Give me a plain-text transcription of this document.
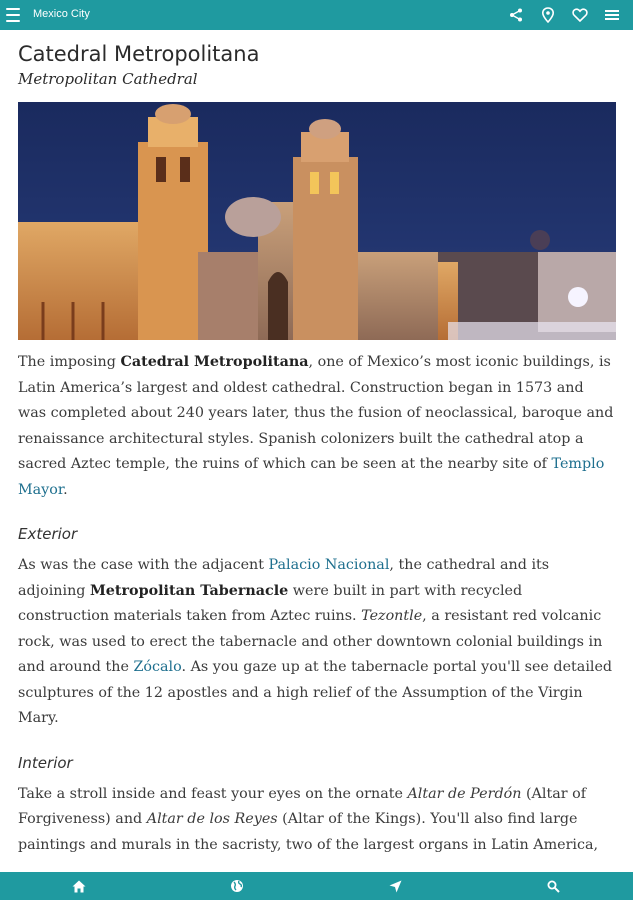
Mexico City
Catedral Metropolitana
Metropolitan Cathedral

The imposing Catedral Metropolitana, one of Mexico’s most iconic buildings, is Latin America’s largest and oldest cathedral. Construction began in 1573 and was completed about 240 years later, thus the fusion of neoclassical, baroque and renaissance architectural styles. Spanish colonizers built the cathedral atop a sacred Aztec temple, the ruins of which can be seen at the nearby site of Templo Mayor.

Exterior

As was the case with the adjacent Palacio Nacional, the cathedral and its adjoining Metropolitan Tabernacle were built in part with recycled construction materials taken from Aztec ruins. Tezontle, a resistant red volcanic rock, was used to erect the tabernacle and other downtown colonial buildings in and around the Zócalo. As you gaze up at the tabernacle portal you'll see detailed sculptures of the 12 apostles and a high relief of the Assumption of the Virgin Mary.

Interior

Take a stroll inside and feast your eyes on the ornate Altar de Perdón (Altar of Forgiveness) and Altar de los Reyes (Altar of the Kings). You'll also find large paintings and murals in the sacristy, two of the largest organs in Latin America,
